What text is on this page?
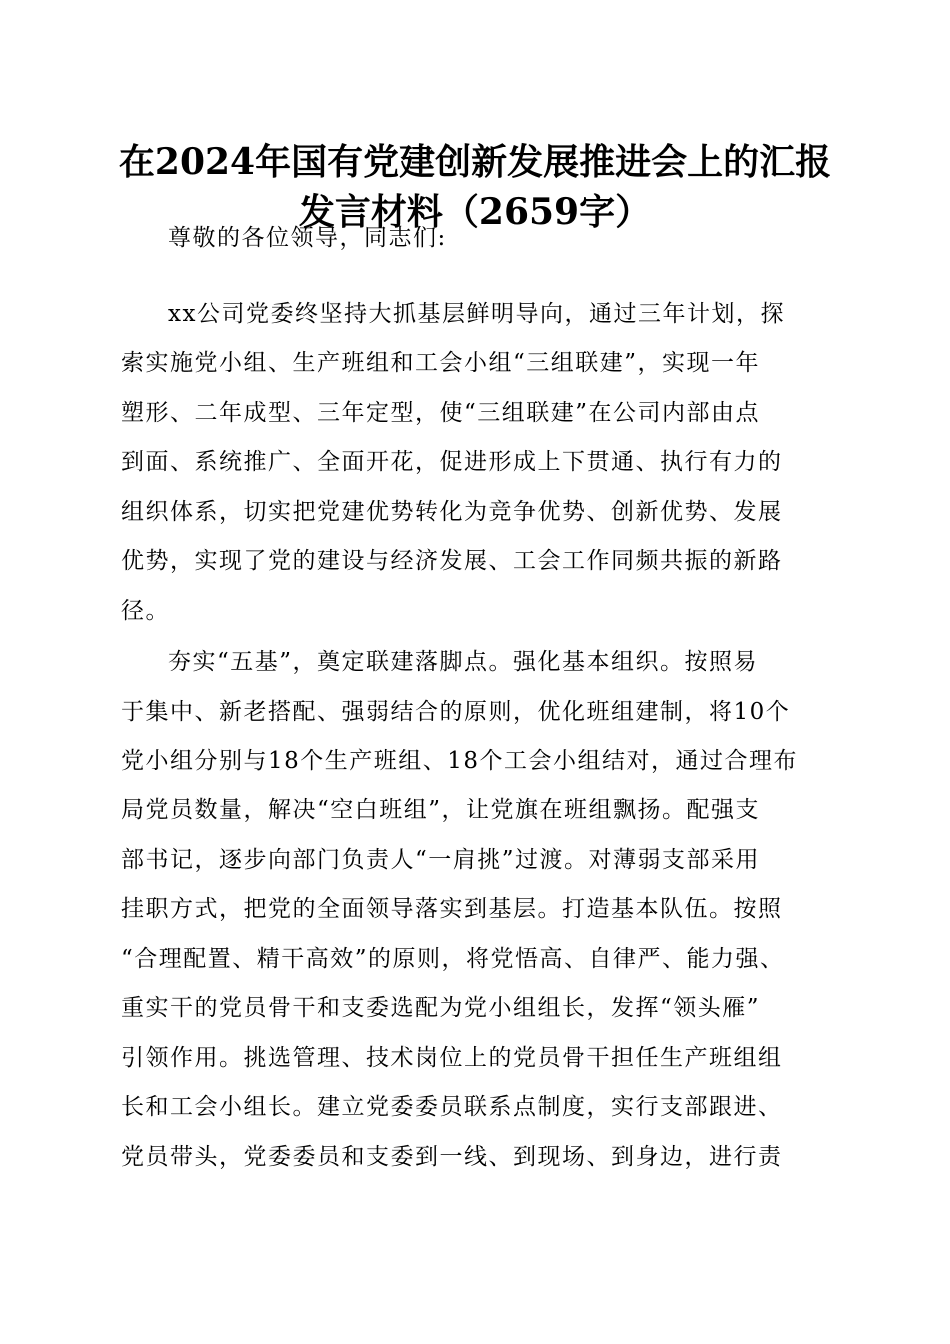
在2024年国有党建创新发展推进会上的汇报
发言材料（2659字）
尊敬的各位领导，同志们:
xx公司党委终坚持大抓基层鲜明导向，通过三年计划，探
索实施党小组、生产班组和工会小组“三组联建”，实现一年
塑形、二年成型、三年定型，使“三组联建”在公司内部由点
到面、系统推广、全面开花，促进形成上下贯通、执行有力的
组织体系，切实把党建优势转化为竞争优势、创新优势、发展
优势，实现了党的建设与经济发展、工会工作同频共振的新路
径。
夯实“五基”，奠定联建落脚点。强化基本组织。按照易
于集中、新老搭配、强弱结合的原则，优化班组建制，将10个
党小组分别与18个生产班组、18个工会小组结对，通过合理布
局党员数量，解决“空白班组”，让党旗在班组飘扬。配强支
部书记，逐步向部门负责人“一肩挑”过渡。对薄弱支部采用
挂职方式，把党的全面领导落实到基层。打造基本队伍。按照
“合理配置、精干高效”的原则，将党悟高、自律严、能力强、
重实干的党员骨干和支委选配为党小组组长，发挥“领头雁”
引领作用。挑选管理、技术岗位上的党员骨干担任生产班组组
长和工会小组长。建立党委委员联系点制度，实行支部跟进、
党员带头，党委委员和支委到一线、到现场、到身边，进行责
